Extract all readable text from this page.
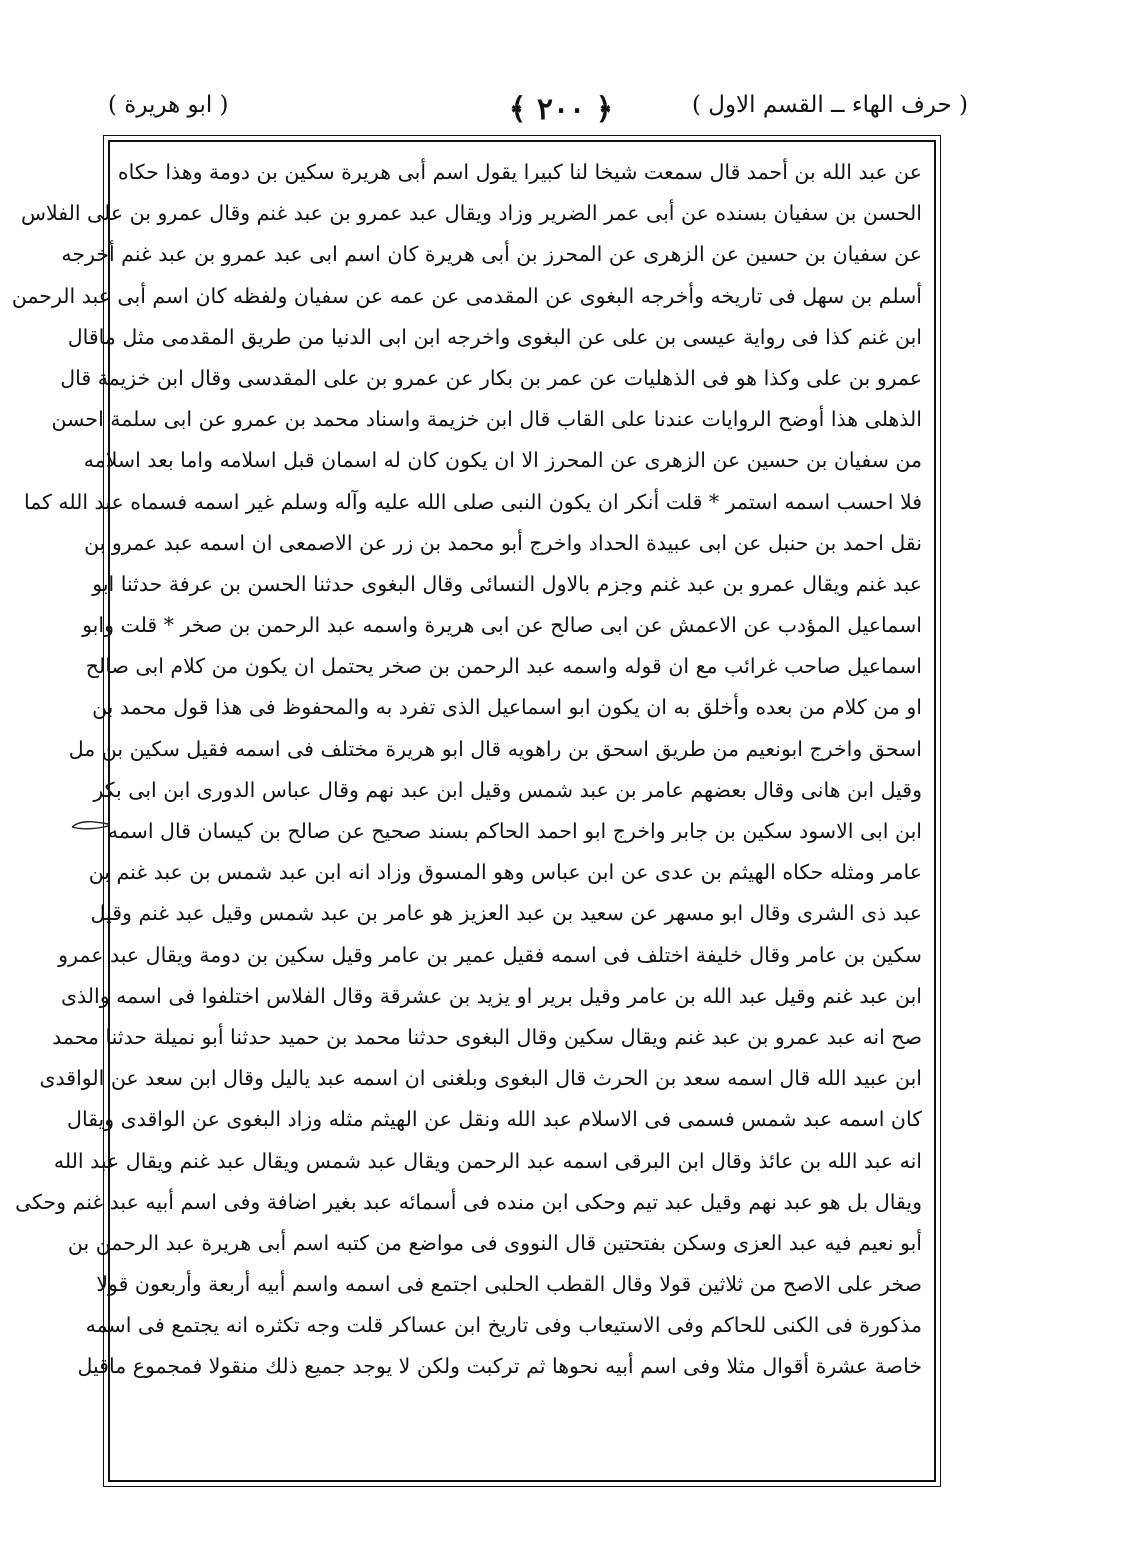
( حرف الهاء ــ القسم الاول )
﴿ ٢٠٠ ﴾
( ابو هريرة )
عن عبد الله بن أحمد قال سمعت شيخا لنا كبيرا يقول اسم أبى هريرة سكين بن دومة وهذا حكاه
الحسن بن سفيان بسنده عن أبى عمر الضرير وزاد ويقال عبد عمرو بن عبد غنم وقال عمرو بن على الفلاس
عن سفيان بن حسين عن الزهرى عن المحرز بن أبى هريرة كان اسم ابى عبد عمرو بن عبد غنم أخرجه
أسلم بن سهل فى تاريخه وأخرجه البغوى عن المقدمى عن عمه عن سفيان ولفظه كان اسم أبى عبد الرحمن
ابن غنم كذا فى رواية عيسى بن على عن البغوى واخرجه ابن ابى الدنيا من طريق المقدمى مثل ماقال
عمرو بن على وكذا هو فى الذهليات عن عمر بن بكار عن عمرو بن على المقدسى وقال ابن خزيمة قال
الذهلى هذا أوضح الروايات عندنا على القاب قال ابن خزيمة واسناد محمد بن عمرو عن ابى سلمة احسن
من سفيان بن حسين عن الزهرى عن المحرز الا ان يكون كان له اسمان قبل اسلامه واما بعد اسلامه
فلا احسب اسمه استمر * قلت أنكر ان يكون النبى صلى الله عليه وآله وسلم غير اسمه فسماه عبد الله كما
نقل احمد بن حنبل عن ابى عبيدة الحداد واخرج أبو محمد بن زر عن الاصمعى ان اسمه عبد عمرو بن
عبد غنم ويقال عمرو بن عبد غنم وجزم بالاول النسائى وقال البغوى حدثنا الحسن بن عرفة حدثنا ابو
اسماعيل المؤدب عن الاعمش عن ابى صالح عن ابى هريرة واسمه عبد الرحمن بن صخر * قلت وابو
اسماعيل صاحب غرائب مع ان قوله واسمه عبد الرحمن بن صخر يحتمل ان يكون من كلام ابى صالح
او من كلام من بعده وأخلق به ان يكون ابو اسماعيل الذى تفرد به والمحفوظ فى هذا قول محمد بن
اسحق واخرج ابونعيم من طريق اسحق بن راهويه قال ابو هريرة مختلف فى اسمه فقيل سكين بن مل
وقيل ابن هانى وقال بعضهم عامر بن عبد شمس وقيل ابن عبد نهم وقال عباس الدورى ابن ابى بكر
ابن ابى الاسود سكين بن جابر واخرج ابو احمد الحاكم بسند صحيح عن صالح بن كيسان قال اسمه
عامر ومثله حكاه الهيثم بن عدى عن ابن عباس وهو المسوق وزاد انه ابن عبد شمس بن عبد غنم بن
عبد ذى الشرى وقال ابو مسهر عن سعيد بن عبد العزيز هو عامر بن عبد شمس وقيل عبد غنم وقيل
سكين بن عامر وقال خليفة اختلف فى اسمه فقيل عمير بن عامر وقيل سكين بن دومة ويقال عبد عمرو
ابن عبد غنم وقيل عبد الله بن عامر وقيل برير او يزيد بن عشرقة وقال الفلاس اختلفوا فى اسمه والذى
صح انه عبد عمرو بن عبد غنم ويقال سكين وقال البغوى حدثنا محمد بن حميد حدثنا أبو نميلة حدثنا محمد
ابن عبيد الله قال اسمه سعد بن الحرث قال البغوى وبلغنى ان اسمه عبد ياليل وقال ابن سعد عن الواقدى
كان اسمه عبد شمس فسمى فى الاسلام عبد الله ونقل عن الهيثم مثله وزاد البغوى عن الواقدى ويقال
انه عبد الله بن عائذ وقال ابن البرقى اسمه عبد الرحمن ويقال عبد شمس ويقال عبد غنم ويقال عبد الله
ويقال بل هو عبد نهم وقيل عبد تيم وحكى ابن منده فى أسمائه عبد بغير اضافة وفى اسم أبيه عبد غنم وحكى
أبو نعيم فيه عبد العزى وسكن بفتحتين قال النووى فى مواضع من كتبه اسم أبى هريرة عبد الرحمن بن
صخر على الاصح من ثلاثين قولا وقال القطب الحلبى اجتمع فى اسمه واسم أبيه أربعة وأربعون قولا
مذكورة فى الكنى للحاكم وفى الاستيعاب وفى تاريخ ابن عساكر قلت وجه تكثره انه يجتمع فى اسمه
خاصة عشرة أقوال مثلا وفى اسم أبيه نحوها ثم تركبت ولكن لا يوجد جميع ذلك منقولا فمجموع ماقيل
